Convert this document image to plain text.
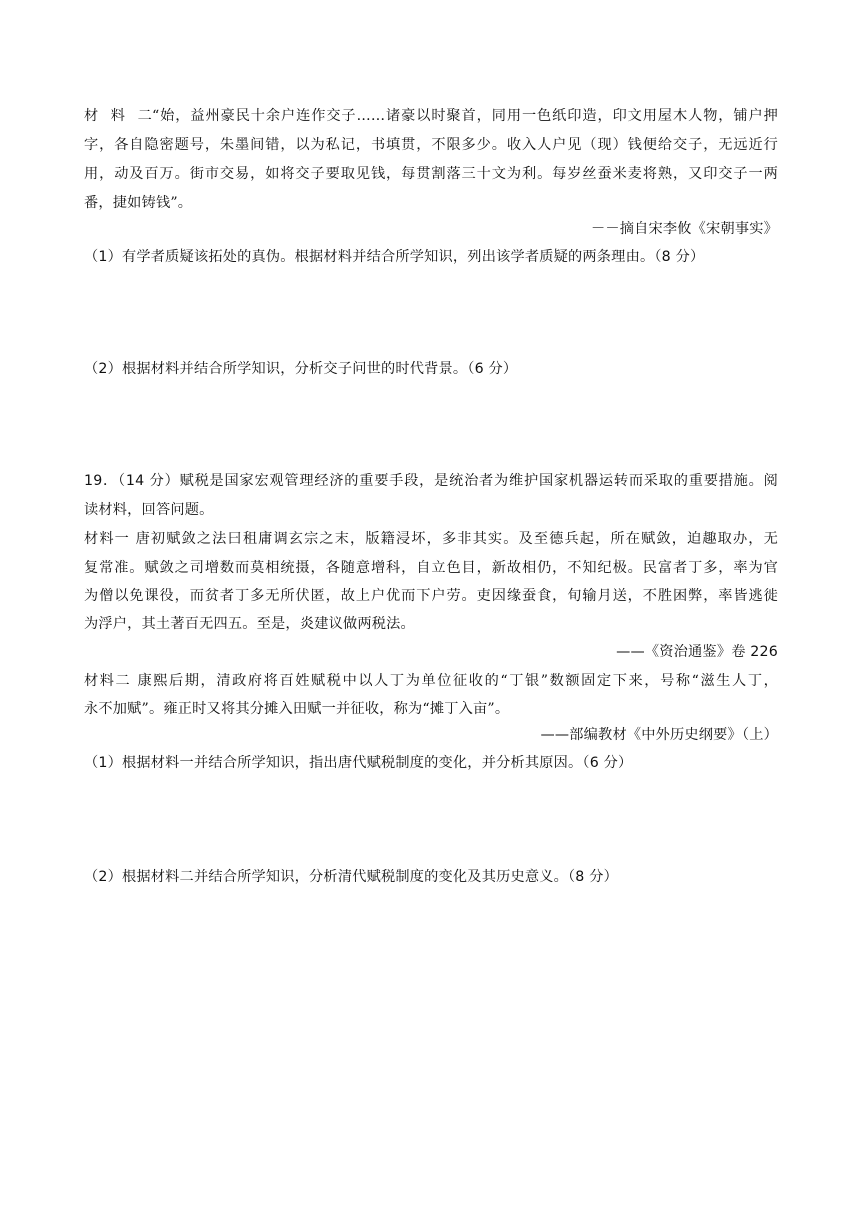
材料二“始，益州豪民十余户连作交子……诸豪以时聚首，同用一色纸印造，印文用屋木人物，铺户押
字，各自隐密题号，朱墨间错，以为私记，书填贯，不限多少。收入人户见（现）钱便给交子，无远近行
用，动及百万。街市交易，如将交子要取见钱，每贯割落三十文为利。每岁丝蚕米麦将熟，又印交子一两
番，捷如铸钱”。
－－摘自宋李攸《宋朝事实》
（1）有学者质疑该拓处的真伪。根据材料并结合所学知识，列出该学者质疑的两条理由。（8 分）
（2）根据材料并结合所学知识，分析交子问世的时代背景。（6 分）
19．（14 分）赋税是国家宏观管理经济的重要手段，是统治者为维护国家机器运转而采取的重要措施。阅
读材料，回答问题。
材料一 唐初赋敛之法曰租庸调玄宗之末，版籍浸坏，多非其实。及至德兵起，所在赋敛，迫趣取办，无
复常准。赋敛之司增数而莫相统摄，各随意增科，自立色目，新故相仍，不知纪极。民富者丁多，率为官
为僧以免课役，而贫者丁多无所伏匿，故上户优而下户劳。吏因缘蚕食，旬输月送，不胜困弊，率皆逃徙
为浮户，其土著百无四五。至是，炎建议做两税法。
——《资治通鉴》卷 226
材料二 康熙后期，清政府将百姓赋税中以人丁为单位征收的“丁银”数额固定下来，号称“滋生人丁，
永不加赋”。雍正时又将其分摊入田赋一并征收，称为“摊丁入亩”。
——部编教材《中外历史纲要》（上）
（1）根据材料一并结合所学知识，指出唐代赋税制度的变化，并分析其原因。（6 分）
（2）根据材料二并结合所学知识，分析清代赋税制度的变化及其历史意义。（8 分）
